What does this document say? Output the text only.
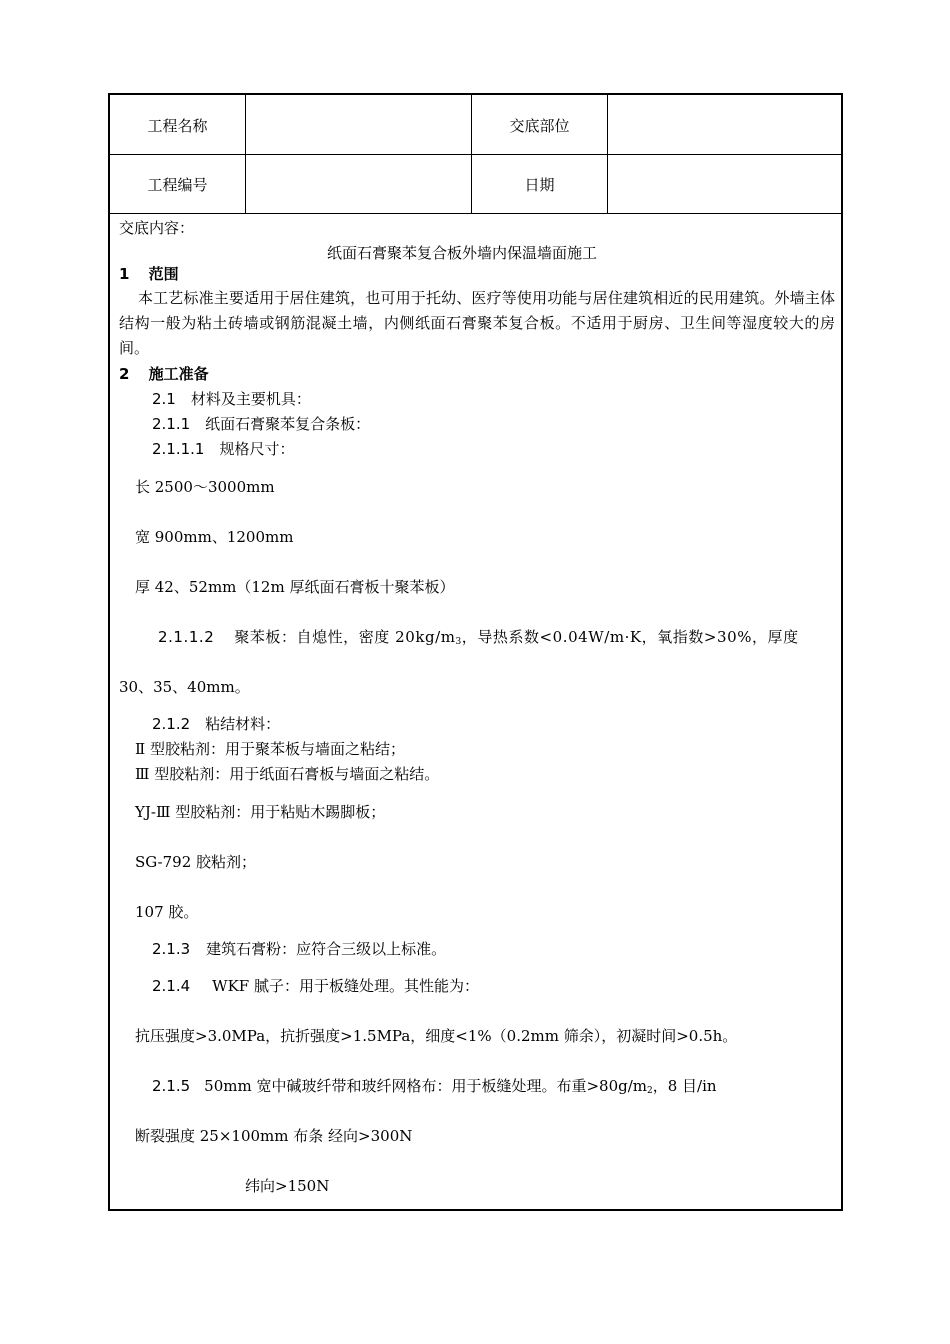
工程名称	交底部位
工程编号	日期
交底内容：
纸面石膏聚苯复合板外墙内保温墙面施工
1 范围
本工艺标准主要适用于居住建筑，也可用于托幼、医疗等使用功能与居住建筑相近的民用建筑。外墙主体结构一般为粘土砖墙或钢筋混凝土墙，内侧纸面石膏聚苯复合板。不适用于厨房、卫生间等湿度较大的房间。
2 施工准备
2.1　材料及主要机具：
2.1.1　纸面石膏聚苯复合条板：
2.1.1.1　规格尺寸：
长 2500～3000mm
宽 900mm、1200mm
厚 42、52mm（12m 厚纸面石膏板十聚苯板）
2.1.1.2 聚苯板：自熄性，密度 $20kg/m_3$，导热系数<0.04W/m·K，氧指数>30%，厚度
30、35、40mm。
2.1.2　粘结材料：
Ⅱ 型胶粘剂：用于聚苯板与墙面之粘结；
Ⅲ 型胶粘剂：用于纸面石膏板与墙面之粘结。
YJ-Ⅲ 型胶粘剂：用于粘贴木踢脚板；
SG-792 胶粘剂；
107 胶。
2.1.3 建筑石膏粉：应符合三级以上标准。
2.1.4 WKF 腻子：用于板缝处理。其性能为：
抗压强度>3.0MPa，抗折强度>1.5MPa，细度<1%（0.2mm 筛余），初凝时间>0.5h。
2.1.5 50mm 宽中碱玻纤带和玻纤网格布：用于板缝处理。布重$>80g/m_2$，8 目/in
断裂强度 25×100mm 布条 经向>300N
纬向>150N
